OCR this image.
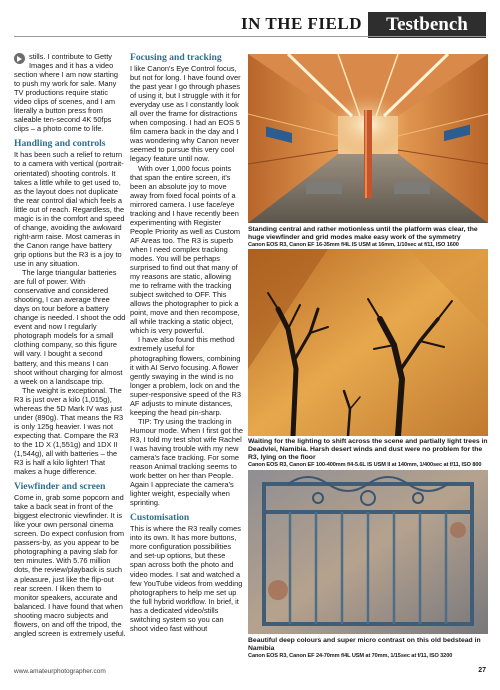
IN THE FIELD	Testbench

stills. I contribute to Getty Images and it has a video section where I am now starting to push my work for sale. Many TV productions require static video clips of scenes, and I am literally a button press from saleable ten-second 4K 50fps clips – a photo come to life.

Handling and controls

It has been such a relief to return to a camera with vertical (portrait-orientated) shooting controls. It takes a little while to get used to, as the layout does not duplicate the rear control dial which feels a little out of reach. Regardless, the magic is in the comfort and speed of change, avoiding the awkward right-arm raise. Most cameras in the Canon range have battery grip options but the R3 is a joy to use in any situation.

The large triangular batteries are full of power. With conservative and considered shooting, I can average three days on tour before a battery change is needed. I shoot the odd event and now I regularly photograph models for a small clothing company, so this figure will vary. I bought a second battery, and this means I can shoot without charging for almost a week on a landscape trip.

The weight is exceptional. The R3 is just over a kilo (1,015g), whereas the 5D Mark IV was just under (890g). That means the R3 is only 125g heavier. I was not expecting that. Compare the R3 to the 1D X (1,551g) and 1DX II (1,544g), all with batteries – the R3 is half a kilo lighter! That makes a huge difference.

Viewfinder and screen

Come in, grab some popcorn and take a back seat in front of the biggest electronic viewfinder. It is like your own personal cinema screen. Do expect confusion from passers-by, as you appear to be photographing a paving slab for ten minutes. With 5.76 million dots, the review/playback is such a pleasure, just like the flip-out rear screen. I liken them to monitor speakers, accurate and balanced. I have found that when shooting macro subjects and flowers, on and off the tripod, the angled screen is extremely useful.

Focusing and tracking

I like Canon's Eye Control focus, but not for long. I have found over the past year I go through phases of using it, but I struggle with it for everyday use as I constantly look all over the frame for distractions when composing. I had an EOS 5 film camera back in the day and I was wondering why Canon never seemed to pursue this very cool legacy feature until now.

With over 1,000 focus points that span the entire screen, it's been an absolute joy to move away from fixed focal points of a mirrored camera. I use face/eye tracking and I have recently been experimenting with Register People Priority as well as Custom AF Areas too. The R3 is superb when I need complex tracking modes. You will be perhaps surprised to find out that many of my reasons are static, allowing me to reframe with the tracking subject switched to OFF. This allows the photographer to pick a point, move and then recompose, all while tracking a static object, which is very powerful.

I have also found this method extremely useful for photographing flowers, combining it with AI Servo focusing. A flower gently swaying in the wind is no longer a problem, lock on and the super-responsive speed of the R3 AF adjusts to minute distances, keeping the head pin-sharp.

TIP: Try using the tracking in Humour mode. When I first got the R3, I told my test shot wife Rachel I was having trouble with my new camera's face tracking. For some reason Animal tracking seems to work better on her than People. Again I appreciate the camera's lighter weight, especially when sprinting.

Customisation

This is where the R3 really comes into its own. It has more buttons, more configuration possibilities and set-up options, but these span across both the photo and video modes. I sat and watched a few YouTube videos from wedding photographers to help me set up the full hybrid workflow. In brief, it has a dedicated video/stills switching system so you can shoot video fast without

Standing central and rather motionless until the platform was clear, the huge viewfinder and grid modes make easy work of the symmetry
Canon EOS R3, Canon EF 16-35mm f/4L IS USM at 16mm, 1/10sec at f/11, ISO 1600
Waiting for the lighting to shift across the scene and partially light trees in Deadvlei, Namibia. Harsh desert winds and dust were no problem for the R3, lying on the floor
Canon EOS R3, Canon EF 100-400mm f/4-5.6L IS USM II at 140mm, 1/400sec at f/11, ISO 800
Beautiful deep colours and super micro contrast on this old bedstead in Namibia
Canon EOS R3, Canon EF 24-70mm f/4L USM at 70mm, 1/15sec at f/11, ISO 3200
www.amateurphotographer.com	27
